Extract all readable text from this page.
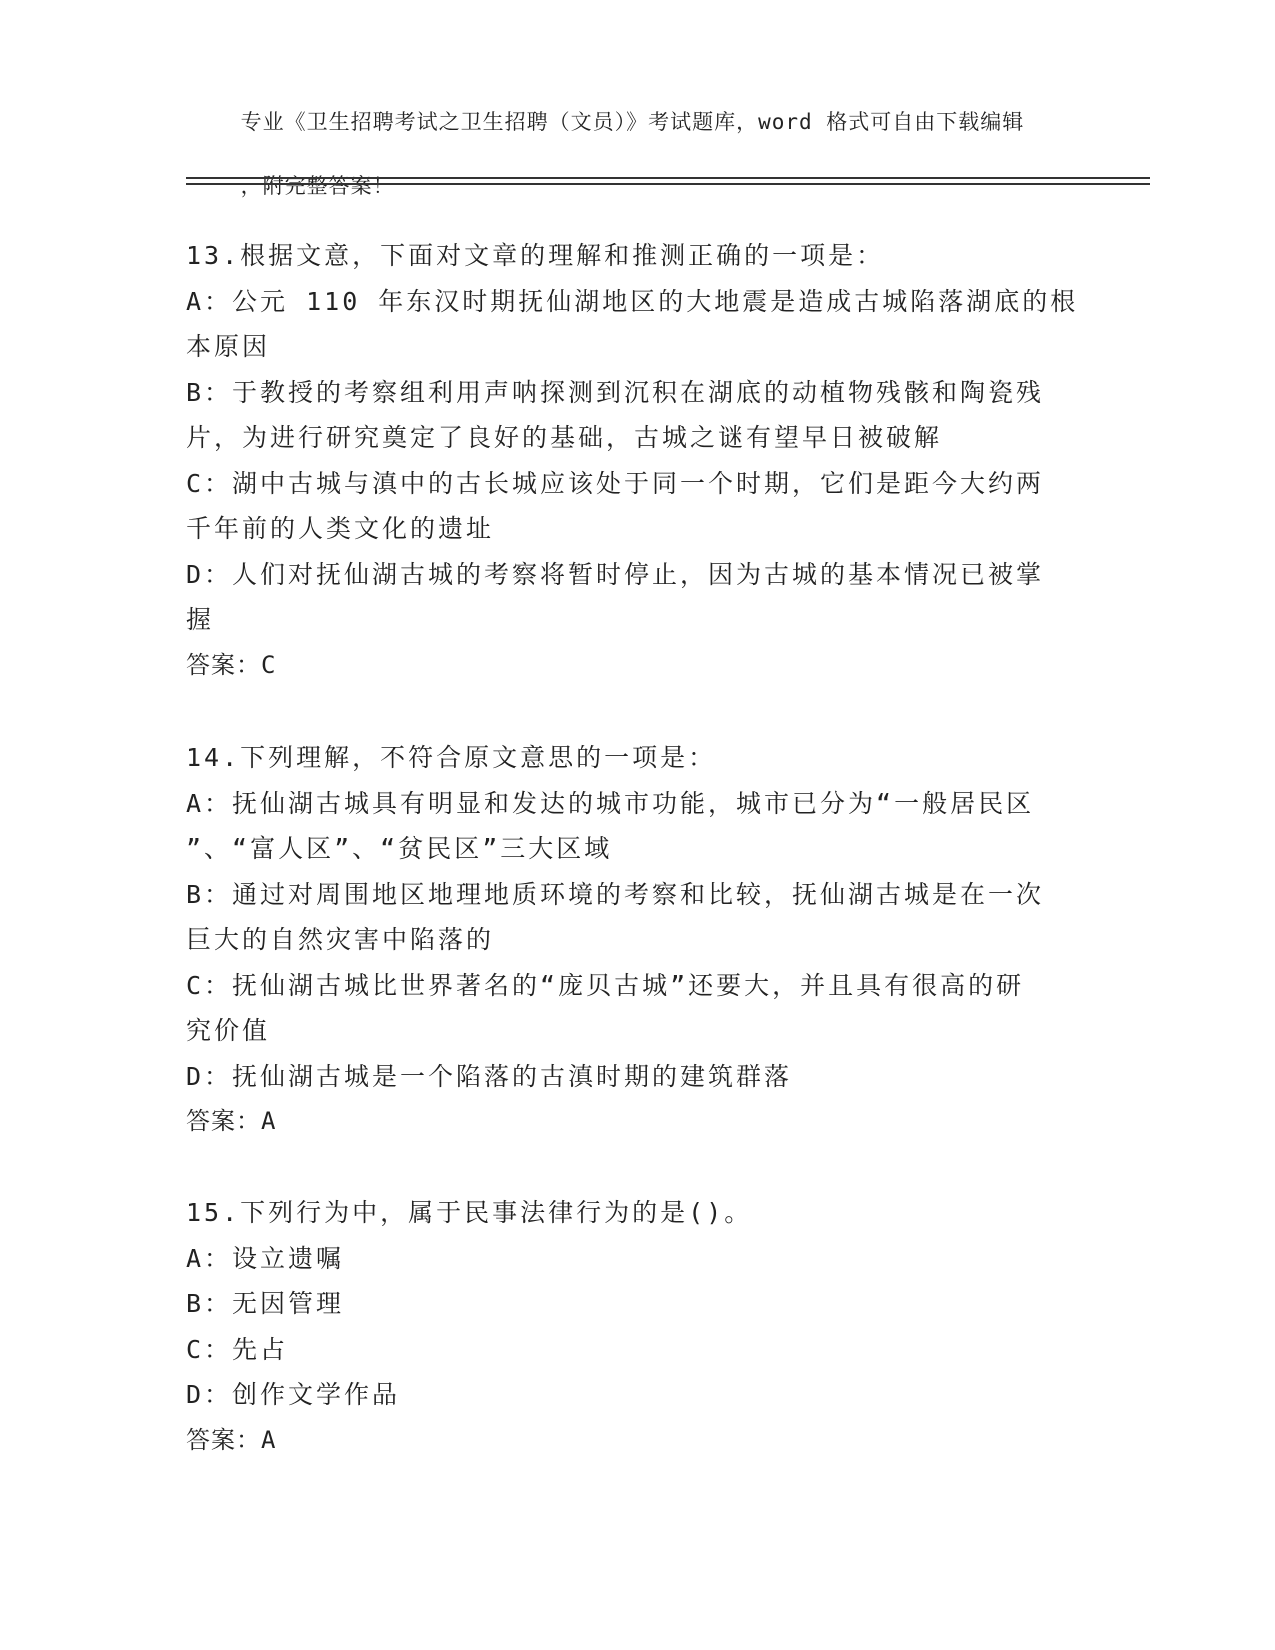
专业《卫生招聘考试之卫生招聘（文员）》考试题库，word 格式可自由下载编辑

，附完整答案！

13.根据文意，下面对文章的理解和推测正确的一项是：
A：公元 110 年东汉时期抚仙湖地区的大地震是造成古城陷落湖底的根
本原因
B：于教授的考察组利用声呐探测到沉积在湖底的动植物残骸和陶瓷残
片，为进行研究奠定了良好的基础，古城之谜有望早日被破解
C：湖中古城与滇中的古长城应该处于同一个时期，它们是距今大约两
千年前的人类文化的遗址
D：人们对抚仙湖古城的考察将暂时停止，因为古城的基本情况已被掌
握
答案：C
14.下列理解，不符合原文意思的一项是：
A：抚仙湖古城具有明显和发达的城市功能，城市已分为“一般居民区
”、“富人区”、“贫民区”三大区域
B：通过对周围地区地理地质环境的考察和比较，抚仙湖古城是在一次
巨大的自然灾害中陷落的
C：抚仙湖古城比世界著名的“庞贝古城”还要大，并且具有很高的研
究价值
D：抚仙湖古城是一个陷落的古滇时期的建筑群落
答案：A
15.下列行为中，属于民事法律行为的是()。
A：设立遗嘱
B：无因管理
C：先占
D：创作文学作品
答案：A
